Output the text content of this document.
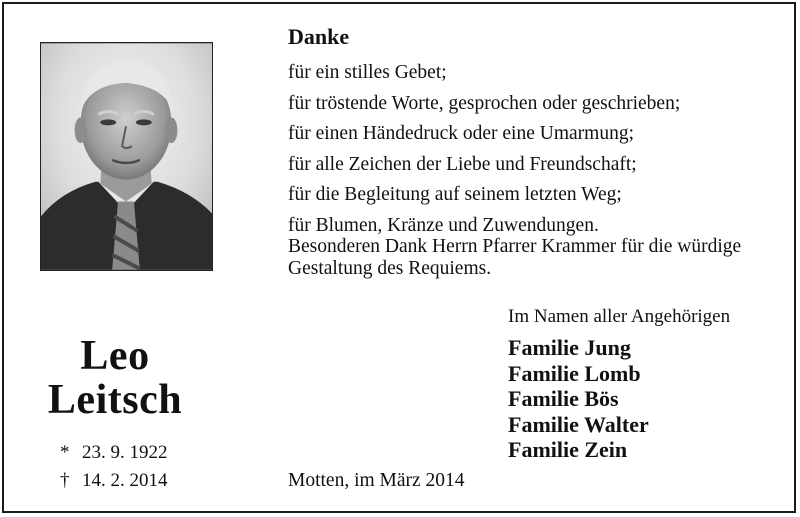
Leo
Leitsch
* 23. 9. 1922
† 14. 2. 2014
Danke
für ein stilles Gebet;
für tröstende Worte, gesprochen oder geschrieben;
für einen Händedruck oder eine Umarmung;
für alle Zeichen der Liebe und Freundschaft;
für die Begleitung auf seinem letzten Weg;
für Blumen, Kränze und Zuwendungen.
Besonderen Dank Herrn Pfarrer Krammer für die würdige Gestaltung des Requiems.
Im Namen aller Angehörigen
Familie Jung
Familie Lomb
Familie Bös
Familie Walter
Familie Zein
Motten, im März 2014
